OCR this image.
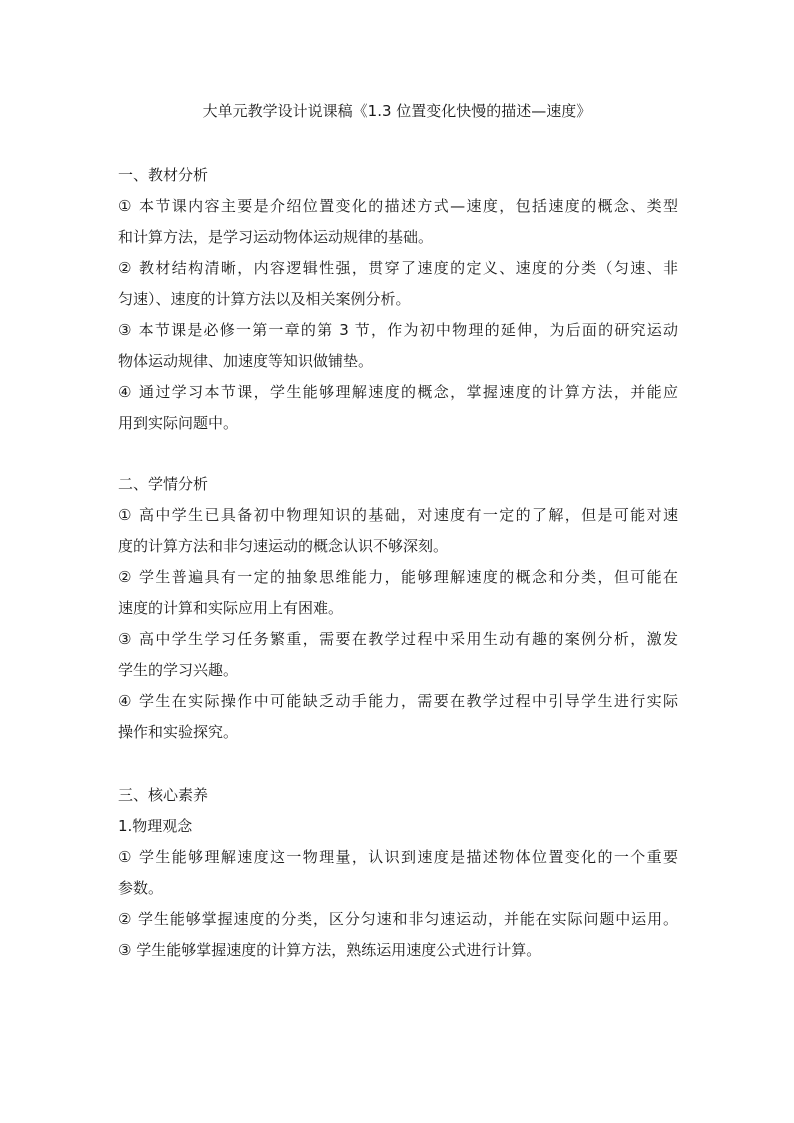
大单元教学设计说课稿《1.3 位置变化快慢的描述—速度》
一、教材分析
① 本节课内容主要是介绍位置变化的描述方式—速度，包括速度的概念、类型
和计算方法，是学习运动物体运动规律的基础。
② 教材结构清晰，内容逻辑性强，贯穿了速度的定义、速度的分类（匀速、非
匀速）、速度的计算方法以及相关案例分析。
③ 本节课是必修一第一章的第 3 节，作为初中物理的延伸，为后面的研究运动
物体运动规律、加速度等知识做铺垫。
④ 通过学习本节课，学生能够理解速度的概念，掌握速度的计算方法，并能应
用到实际问题中。
二、学情分析
① 高中学生已具备初中物理知识的基础，对速度有一定的了解，但是可能对速
度的计算方法和非匀速运动的概念认识不够深刻。
② 学生普遍具有一定的抽象思维能力，能够理解速度的概念和分类，但可能在
速度的计算和实际应用上有困难。
③ 高中学生学习任务繁重，需要在教学过程中采用生动有趣的案例分析，激发
学生的学习兴趣。
④ 学生在实际操作中可能缺乏动手能力，需要在教学过程中引导学生进行实际
操作和实验探究。
三、核心素养
1.物理观念
① 学生能够理解速度这一物理量，认识到速度是描述物体位置变化的一个重要
参数。
② 学生能够掌握速度的分类，区分匀速和非匀速运动，并能在实际问题中运用。
③ 学生能够掌握速度的计算方法，熟练运用速度公式进行计算。
